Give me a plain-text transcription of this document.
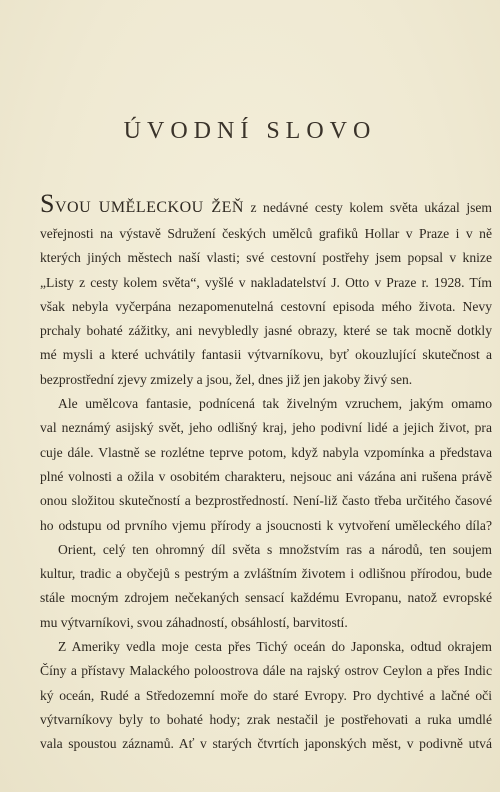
ÚVODNÍ SLOVO
SVOU UMĚLECKOU ŽEŇ z nedávné cesty kolem světa ukázal jsem
veřejnosti na výstavě Sdružení českých umělců grafiků Hollar v Praze i v ně
kterých jiných městech naší vlasti; své cestovní postřehy jsem popsal v knize
„Listy z cesty kolem světa“, vyšlé v nakladatelství J. Otto v Praze r. 1928. Tím
však nebyla vyčerpána nezapomenutelná cestovní episoda mého života. Nevy
prchaly bohaté zážitky, ani nevybledly jasné obrazy, které se tak mocně dotkly
mé mysli a které uchvátily fantasii výtvarníkovu, byť okouzlující skutečnost a
bezprostřední zjevy zmizely a jsou, žel, dnes již jen jakoby živý sen.
Ale umělcova fantasie, podnícená tak živelným vzruchem, jakým omamo
val neznámý asijský svět, jeho odlišný kraj, jeho podivní lidé a jejich život, pra
cuje dále. Vlastně se rozlétne teprve potom, když nabyla vzpomínka a představa
plné volnosti a ožila v osobitém charakteru, nejsouc ani vázána ani rušena právě
onou složitou skutečností a bezprostředností. Není-liž často třeba určitého časové
ho odstupu od prvního vjemu přírody a jsoucnosti k vytvoření uměleckého díla?
Orient, celý ten ohromný díl světa s množstvím ras a národů, ten soujem
kultur, tradic a obyčejů s pestrým a zvláštním životem i odlišnou přírodou, bude
stále mocným zdrojem nečekaných sensací každému Evropanu, natož evropské
mu výtvarníkovi, svou záhadností, obsáhlostí, barvitostí.
Z Ameriky vedla moje cesta přes Tichý oceán do Japonska, odtud okrajem
Číny a přístavy Malackého poloostrova dále na rajský ostrov Ceylon a přes Indic
ký oceán, Rudé a Středozemní moře do staré Evropy. Pro dychtivé a lačné oči
výtvarníkovy byly to bohaté hody; zrak nestačil je postřehovati a ruka umdlé
vala spoustou záznamů. Ať v starých čtvrtích japonských měst, v podivně utvá
